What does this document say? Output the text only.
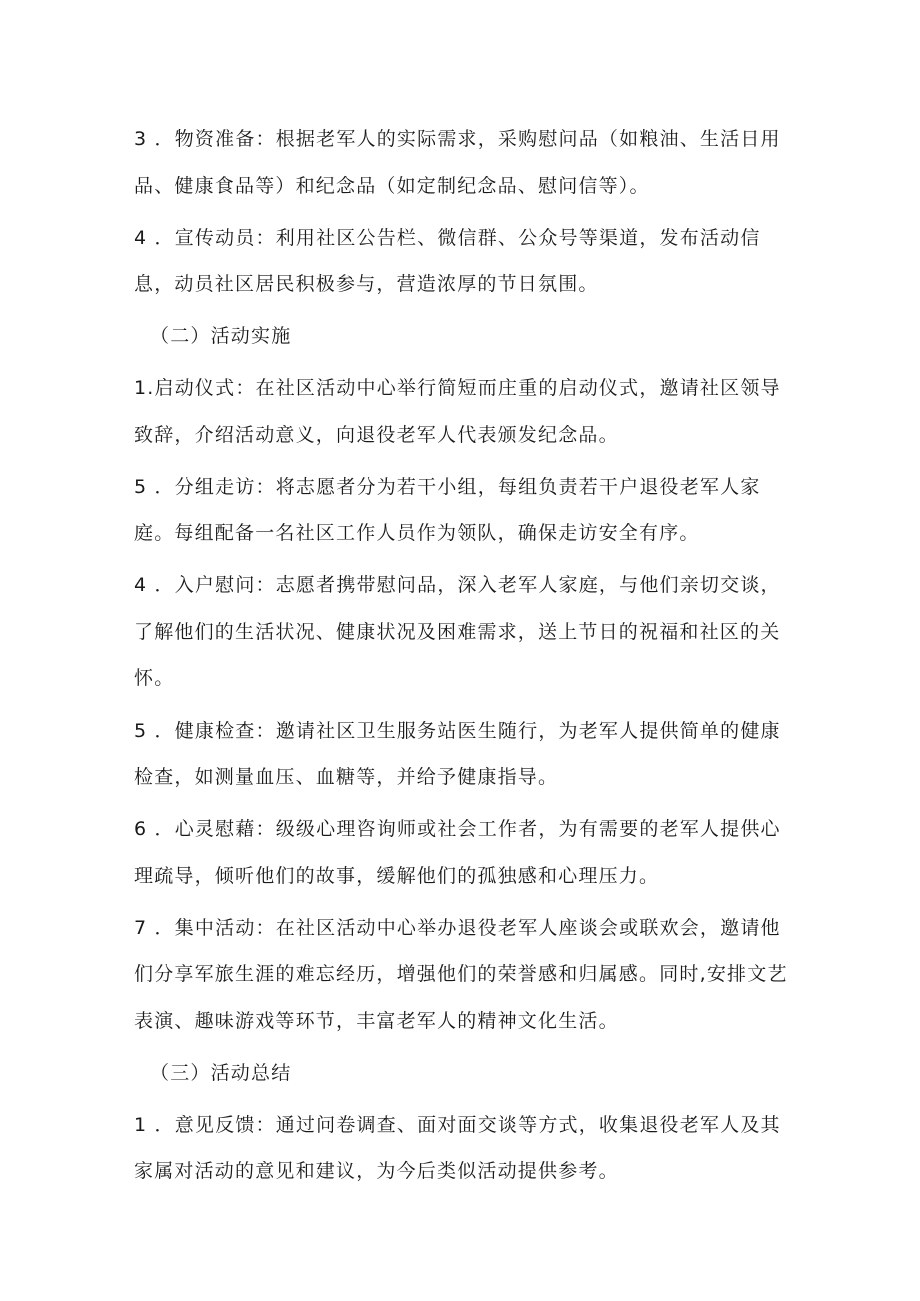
3 ．物资准备：根据老军人的实际需求，采购慰问品（如粮油、生活日用
品、健康食品等）和纪念品（如定制纪念品、慰问信等）。

4 ．宣传动员：利用社区公告栏、微信群、公众号等渠道，发布活动信
息，动员社区居民积极参与，营造浓厚的节日氛围。

（二）活动实施

1.启动仪式：在社区活动中心举行简短而庄重的启动仪式，邀请社区领导
致辞，介绍活动意义，向退役老军人代表颁发纪念品。

5 ．分组走访：将志愿者分为若干小组，每组负责若干户退役老军人家
庭。每组配备一名社区工作人员作为领队，确保走访安全有序。

4 ．入户慰问：志愿者携带慰问品，深入老军人家庭，与他们亲切交谈，
了解他们的生活状况、健康状况及困难需求，送上节日的祝福和社区的关
怀。

5 ．健康检查：邀请社区卫生服务站医生随行，为老军人提供简单的健康
检查，如测量血压、血糖等，并给予健康指导。

6 ．心灵慰藉：级级心理咨询师或社会工作者，为有需要的老军人提供心
理疏导，倾听他们的故事，缓解他们的孤独感和心理压力。

7 ．集中活动：在社区活动中心举办退役老军人座谈会或联欢会，邀请他
们分享军旅生涯的难忘经历，增强他们的荣誉感和归属感。同时,安排文艺
表演、趣味游戏等环节，丰富老军人的精神文化生活。

（三）活动总结

1 ．意见反馈：通过问卷调查、面对面交谈等方式，收集退役老军人及其
家属对活动的意见和建议，为今后类似活动提供参考。
